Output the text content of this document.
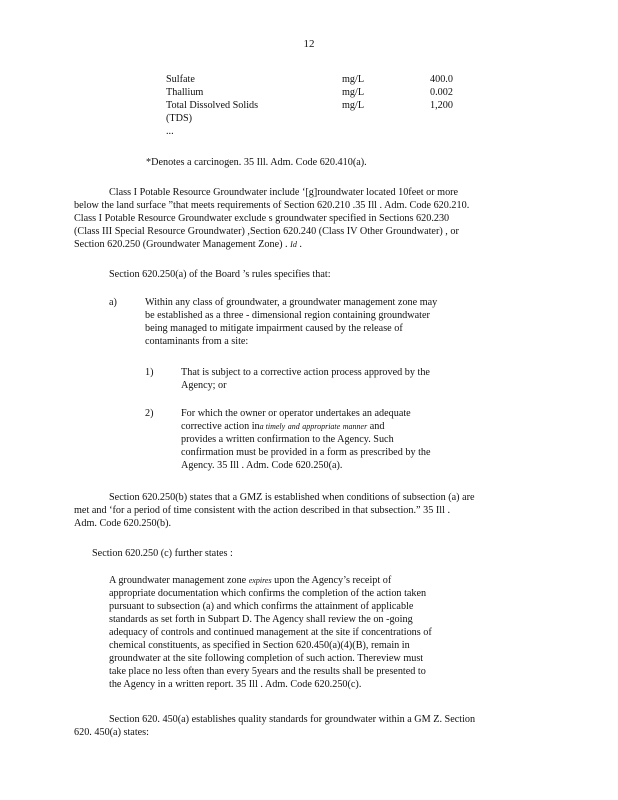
12
Sulfate	mg/L	400.0
Thallium	mg/L	0.002
Total Dissolved Solids	mg/L	1,200
(TDS)		
...		
*Denotes a carcinogen. 35 Ill. Adm. Code 620.410(a).
Class I Potable Resource Groundwater include ‘[g]roundwater located 10feet or more
below the land surface ”that meets requirements of Section 620.210 .35 Ill . Adm. Code 620.210.
Class I Potable Resource Groundwater exclude s groundwater specified in Sections 620.230
(Class III Special Resource Groundwater) ,Section 620.240 (Class IV Other Groundwater) , or
Section 620.250 (Groundwater Management Zone) . Id .
Section 620.250(a) of the Board ’s rules specifies that:
a)	Within any class of groundwater, a groundwater management zone may
be established as a three - dimensional region containing groundwater
being managed to mitigate impairment caused by the release of
contaminants from a site:
1)	That is subject to a corrective action process approved by the
Agency; or
2)	For which the owner or operator undertakes an adequate
corrective action ina timely and appropriate manner and
provides a written confirmation to the Agency. Such
confirmation must be provided in a form as prescribed by the
Agency. 35 Ill . Adm. Code 620.250(a).
Section 620.250(b) states that a GMZ is established when conditions of subsection (a) are
met and ‘for a period of time consistent with the action described in that subsection.” 35 Ill .
Adm. Code 620.250(b).
Section 620.250 (c) further states :
A groundwater management zone expires upon the Agency’s receipt of
appropriate documentation which confirms the completion of the action taken
pursuant to subsection (a) and which confirms the attainment of applicable
standards as set forth in Subpart D. The Agency shall review the on -going
adequacy of controls and continued management at the site if concentrations of
chemical constituents, as specified in Section 620.450(a)(4)(B), remain in
groundwater at the site following completion of such action. Thereview must
take place no less often than every 5years and the results shall be presented to
the Agency in a written report. 35 Ill . Adm. Code 620.250(c).
Section 620. 450(a) establishes quality standards for groundwater within a GM Z. Section
620. 450(a) states:
